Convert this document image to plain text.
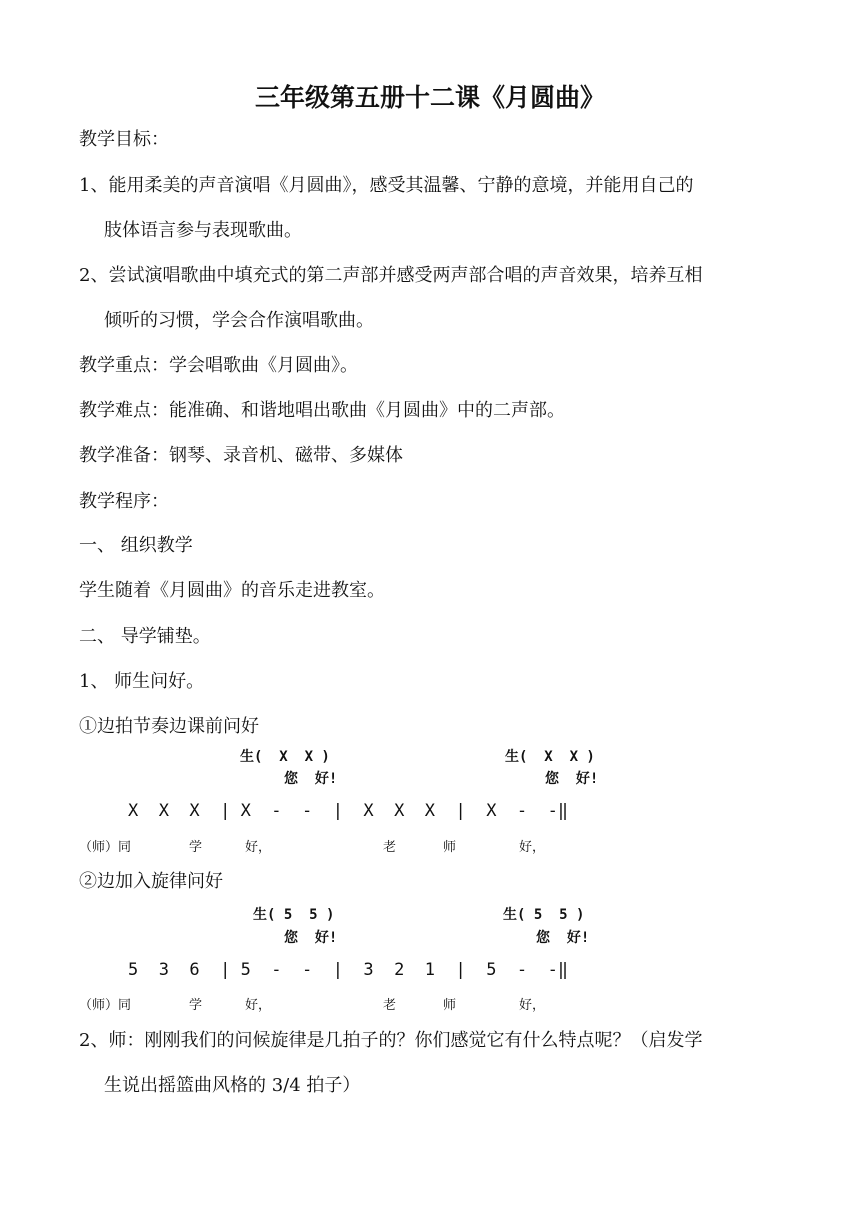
三年级第五册十二课《月圆曲》
教学目标：
1、能用柔美的声音演唱《月圆曲》，感受其温馨、宁静的意境，并能用自己的
肢体语言参与表现歌曲。
2、尝试演唱歌曲中填充式的第二声部并感受两声部合唱的声音效果，培养互相
倾听的习惯，学会合作演唱歌曲。
教学重点：学会唱歌曲《月圆曲》。
教学难点：能准确、和谐地唱出歌曲《月圆曲》中的二声部。
教学准备：钢琴、录音机、磁带、多媒体
教学程序：
一、 组织教学
学生随着《月圆曲》的音乐走进教室。
二、 导学铺垫。
1、 师生问好。
①边拍节奏边课前问好
生(  X  X )
您  好!
生(  X  X )
您  好!
X  X  X  | X  -  -  |  X  X  X  |  X  -  -‖
（师）同	学	好，	老	师	好，
②边加入旋律问好
生( 5  5 )
您  好!
生( 5  5 )
您  好!
5  3  6  | 5  -  -  |  3  2  1  |  5  -  -‖
（师）同	学	好，	老	师	好，
2、师：刚刚我们的问候旋律是几拍子的？你们感觉它有什么特点呢？（启发学
生说出摇篮曲风格的 3/4 拍子）
